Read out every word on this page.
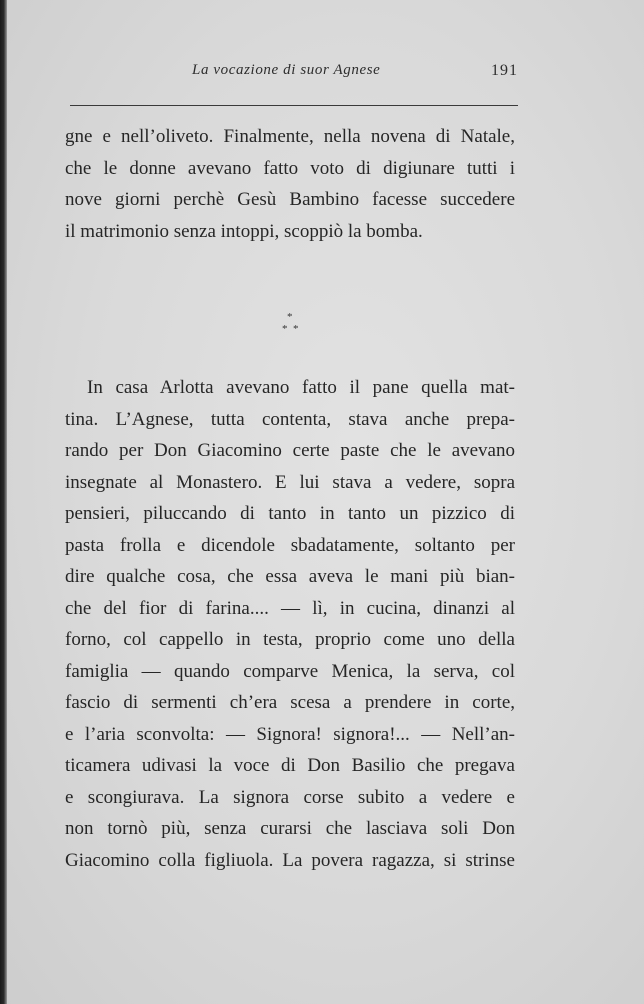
La vocazione di suor Agnese	191
gne e nell’oliveto. Finalmente, nella novena di Natale,
che le donne avevano fatto voto di digiunare tutti i
nove giorni perchè Gesù Bambino facesse succedere
il matrimonio senza intoppi, scoppiò la bomba.
*
* *
In casa Arlotta avevano fatto il pane quella mat-
tina. L’Agnese, tutta contenta, stava anche prepa-
rando per Don Giacomino certe paste che le avevano
insegnate al Monastero. E lui stava a vedere, sopra
pensieri, piluccando di tanto in tanto un pizzico di
pasta frolla e dicendole sbadatamente, soltanto per
dire qualche cosa, che essa aveva le mani più bian-
che del fior di farina.... — lì, in cucina, dinanzi al
forno, col cappello in testa, proprio come uno della
famiglia — quando comparve Menica, la serva, col
fascio di sermenti ch’era scesa a prendere in corte,
e l’aria sconvolta: — Signora! signora!... — Nell’an-
ticamera udivasi la voce di Don Basilio che pregava
e scongiurava. La signora corse subito a vedere e
non tornò più, senza curarsi che lasciava soli Don
Giacomino colla figliuola. La povera ragazza, si strinse
